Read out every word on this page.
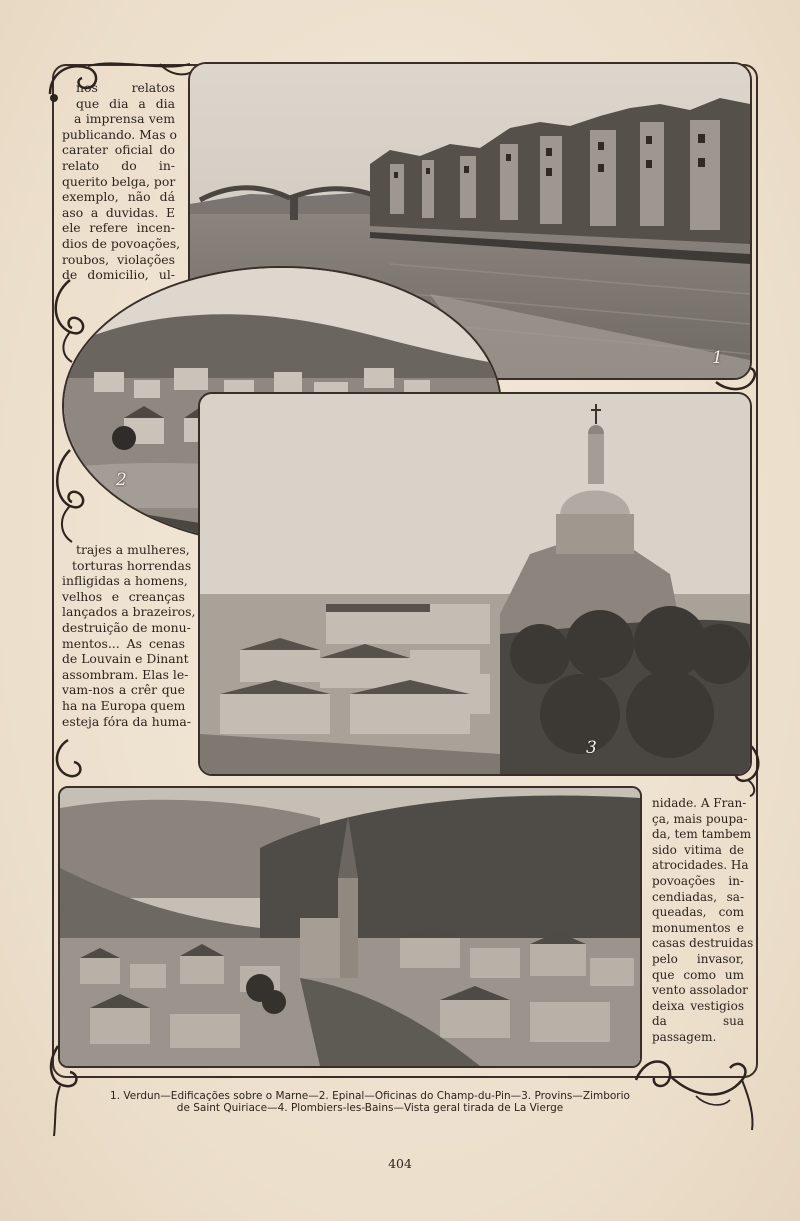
1
2
3
nos relatos
que dia a dia
a imprensa vem
publicando. Mas o
carater oficial do
relato do in-
querito belga, por
exemplo, não dá
aso a duvidas. E
ele refere incen-
dios de povoações,
roubos, violações
de domicilio, ul-
trajes a mulheres,
torturas horrendas
infligidas a homens,
velhos e creanças
lançados a brazeiros,
destruição de monu-
mentos... As cenas
de Louvain e Dinant
assombram. Elas le-
vam-nos a crêr que
ha na Europa quem
esteja fóra da huma-
nidade. A Fran-
ça, mais poupa-
da, tem tambem
sido vitima de
atrocidades. Ha
povoações in-
cendiadas, sa-
queadas, com
monumentos e
casas destruidas
pelo invasor,
que como um
vento assolador
deixa vestigios
da sua
passagem.
1. Verdun—Edificações sobre o Marne—2. Epinal—Oficinas do Champ-du-Pin—3. Provins—Zimborio
de Saint Quiriace—4. Plombiers-les-Bains—Vista geral tirada de La Vierge
404
